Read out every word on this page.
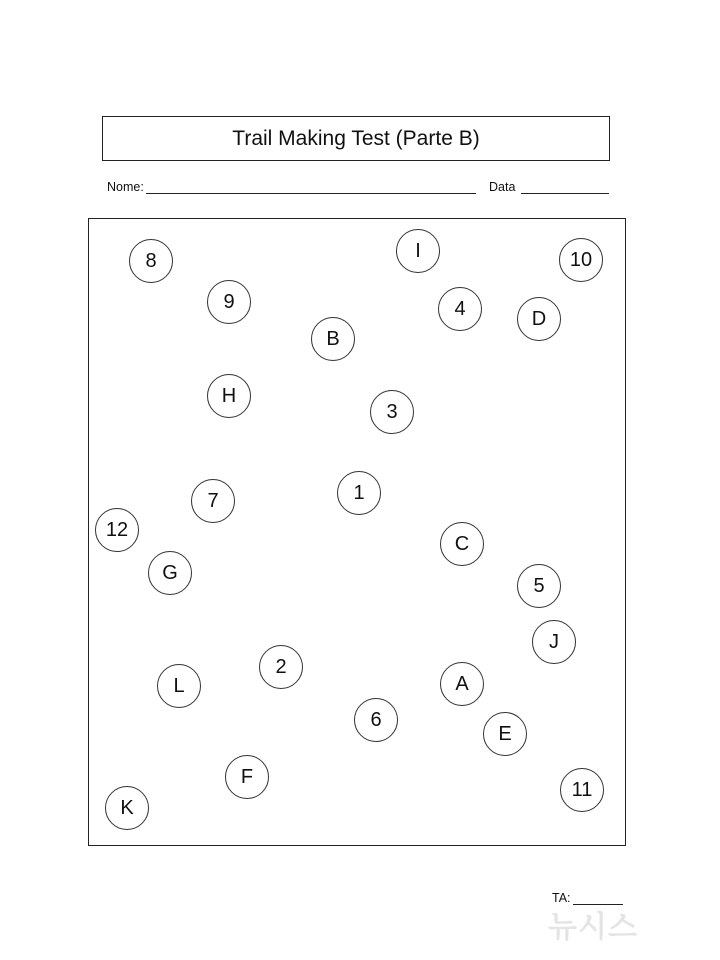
Trail Making Test (Parte B)
Nome:	Data
8	I	10
9	4	D
B
H
3
1
7
12
C
G
5
J
2
L	A
6
E
F
11
K
TA:
뉴시스
